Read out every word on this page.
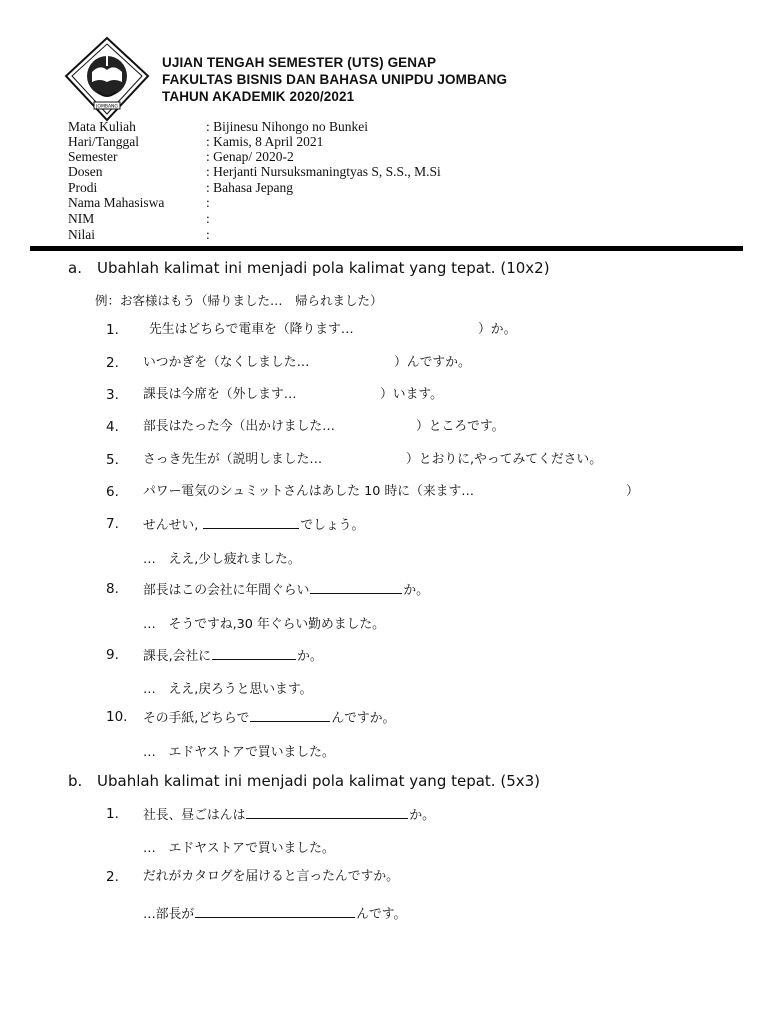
JOMBANG
UJIAN TENGAH SEMESTER (UTS) GENAP
FAKULTAS BISNIS DAN BAHASA UNIPDU JOMBANG
TAHUN AKADEMIK 2020/2021
Mata Kuliah	: Bijinesu Nihongo no Bunkei
Hari/Tanggal	: Kamis, 8 April 2021
Semester	: Genap/ 2020-2
Dosen	: Herjanti Nursuksmaningtyas S, S.S., M.Si
Prodi	: Bahasa Jepang
Nama Mahasiswa	:
NIM	:
Nilai	:
a. Ubahlah kalimat ini menjadi pola kalimat yang tepat. (10x2)
例：お客様はもう（帰りました…　帰られました）
1. 先生はどちらで電車を（降ります…	）か。
2. いつかぎを（なくしました…	）んですか。
3. 課長は今席を（外します…	）います。
4. 部長はたった今（出かけました…	）ところです。
5. さっき先生が（説明しました…	）とおりに,やってみてください。
6. パワー電気のシュミットさんはあした 10 時に（来ます…	）
7. せんせい,	でしょう。
…　ええ,少し疲れました。
8. 部長はこの会社に年間ぐらい	か。
…　そうですね,30 年ぐらい勤めました。
9. 課長,会社に	か。
…　ええ,戻ろうと思います。
10. その手紙,どちらで	んですか。
…　エドヤストアで買いました。
b. Ubahlah kalimat ini menjadi pola kalimat yang tepat. (5x3)
1. 社長、昼ごはんは	か。
…　エドヤストアで買いました。
2. だれがカタログを届けると言ったんですか。
…部長が	んです。
